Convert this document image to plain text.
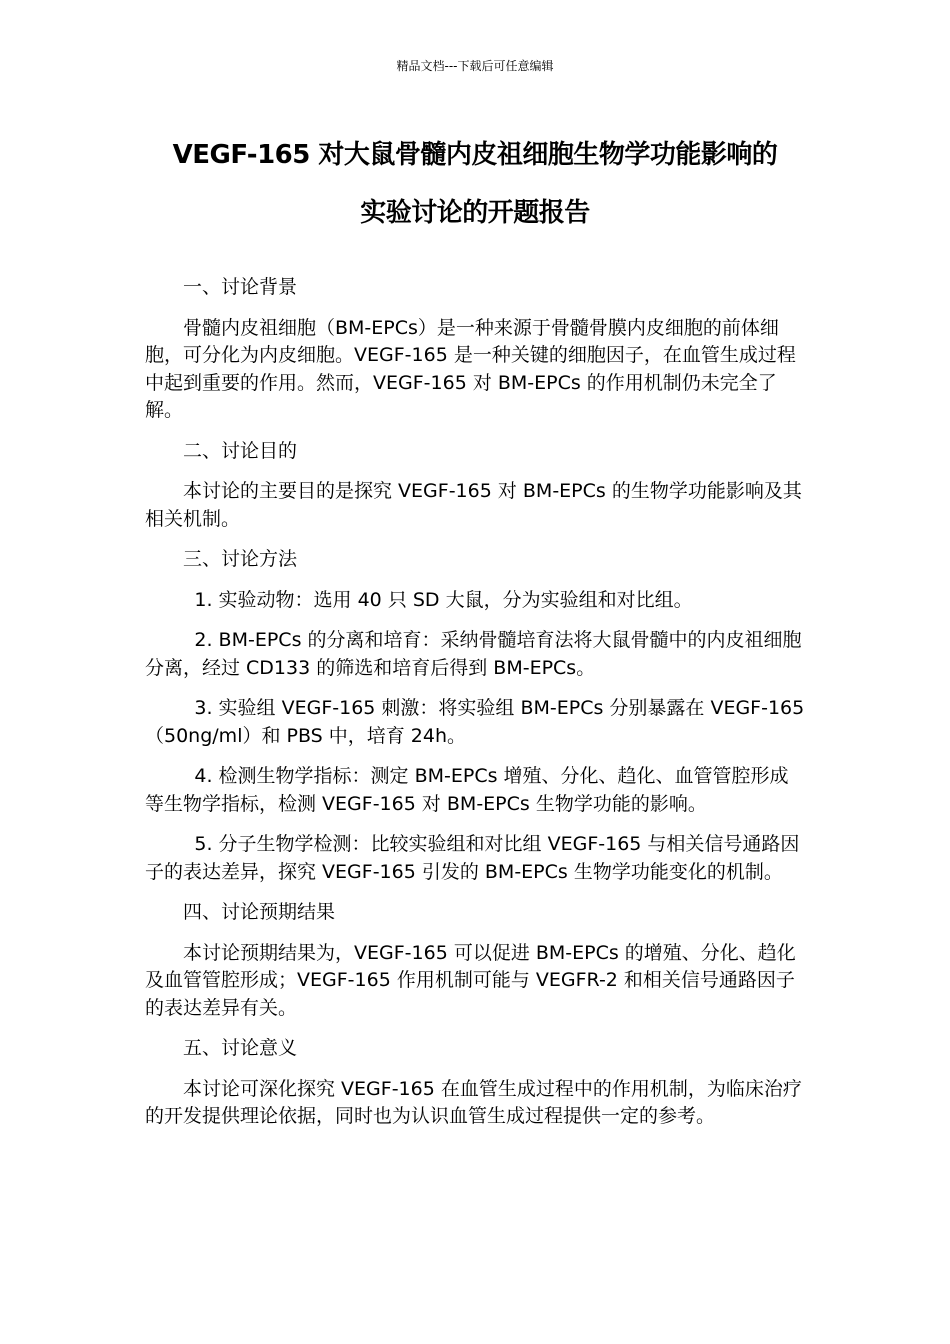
精品文档---下载后可任意编辑
VEGF-165 对大鼠骨髓内皮祖细胞生物学功能影响的
实验讨论的开题报告

一、讨论背景

骨髓内皮祖细胞（BM-EPCs）是一种来源于骨髓骨膜内皮细胞的前体细胞，可分化为内皮细胞。VEGF-165 是一种关键的细胞因子，在血管生成过程中起到重要的作用。然而，VEGF-165 对 BM-EPCs 的作用机制仍未完全了解。

二、讨论目的

本讨论的主要目的是探究 VEGF-165 对 BM-EPCs 的生物学功能影响及其相关机制。

三、讨论方法

1. 实验动物：选用 40 只 SD 大鼠，分为实验组和对比组。

2. BM-EPCs 的分离和培育：采纳骨髓培育法将大鼠骨髓中的内皮祖细胞分离，经过 CD133 的筛选和培育后得到 BM-EPCs。

3. 实验组 VEGF-165 刺激：将实验组 BM-EPCs 分别暴露在 VEGF-165（50ng/ml）和 PBS 中，培育 24h。

4. 检测生物学指标：测定 BM-EPCs 增殖、分化、趋化、血管管腔形成等生物学指标，检测 VEGF-165 对 BM-EPCs 生物学功能的影响。

5. 分子生物学检测：比较实验组和对比组 VEGF-165 与相关信号通路因子的表达差异，探究 VEGF-165 引发的 BM-EPCs 生物学功能变化的机制。

四、讨论预期结果

本讨论预期结果为，VEGF-165 可以促进 BM-EPCs 的增殖、分化、趋化及血管管腔形成；VEGF-165 作用机制可能与 VEGFR-2 和相关信号通路因子的表达差异有关。

五、讨论意义

本讨论可深化探究 VEGF-165 在血管生成过程中的作用机制，为临床治疗的开发提供理论依据，同时也为认识血管生成过程提供一定的参考。
